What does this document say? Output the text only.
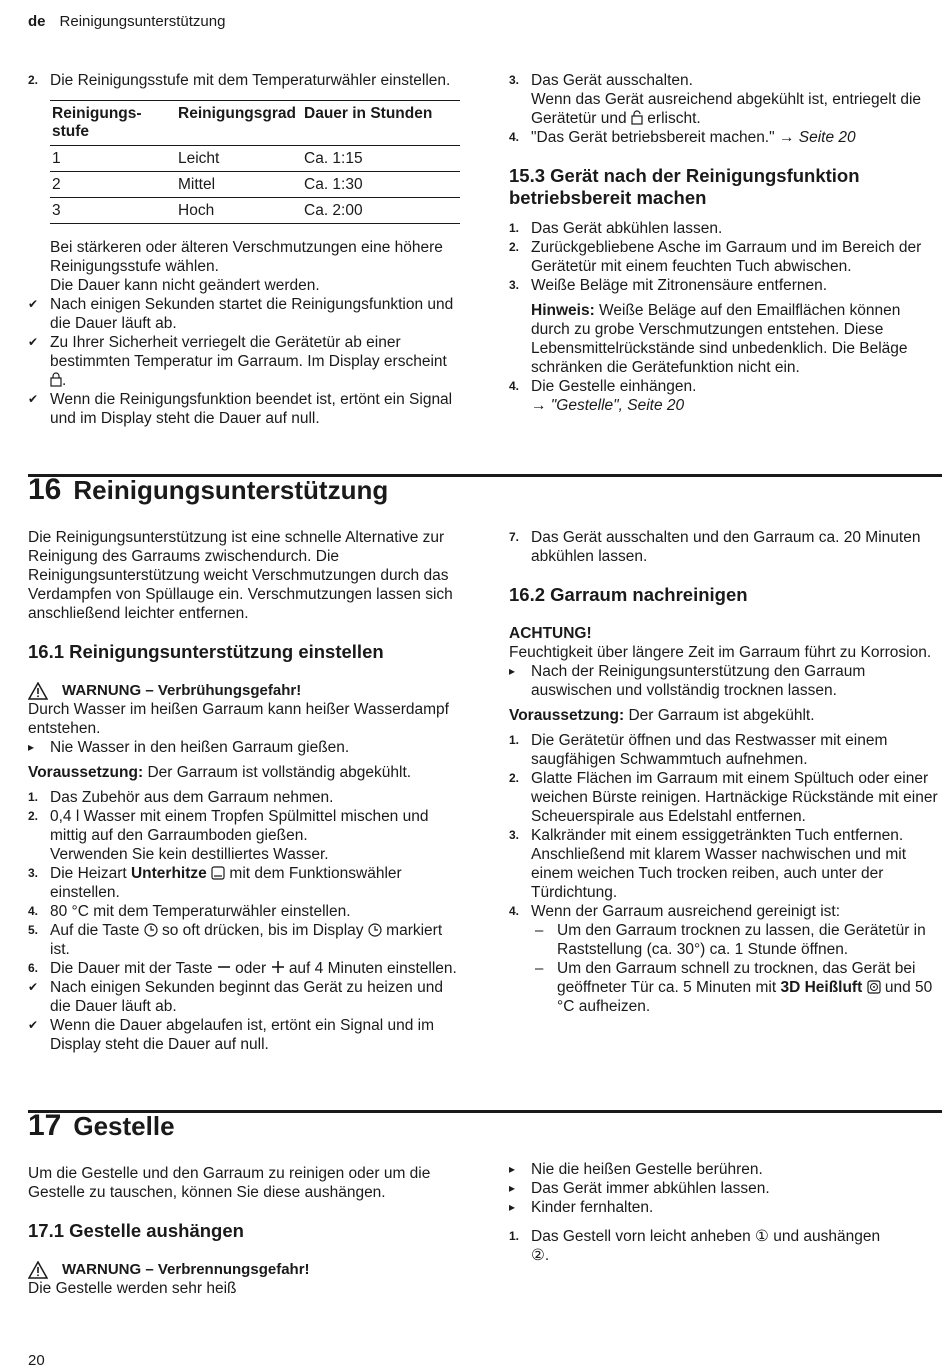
de Reinigungsunterstützung

2. Die Reinigungsstufe mit dem Temperaturwähler einstellen.

Reinigungsstufe	Reinigungsgrad	Dauer in Stunden
1	Leicht	Ca. 1:15
2	Mittel	Ca. 1:30
3	Hoch	Ca. 2:00

Bei stärkeren oder älteren Verschmutzungen eine höhere Reinigungsstufe wählen.

Die Dauer kann nicht geändert werden.

✔ Nach einigen Sekunden startet die Reinigungsfunktion und die Dauer läuft ab.

✔ Zu Ihrer Sicherheit verriegelt die Gerätetür ab einer bestimmten Temperatur im Garraum. Im Display erscheint .

✔ Wenn die Reinigungsfunktion beendet ist, ertönt ein Signal und im Display steht die Dauer auf null.

3. Das Gerät ausschalten.

Wenn das Gerät ausreichend abgekühlt ist, entriegelt die Gerätetür und erlischt.

4. "Das Gerät betriebsbereit machen." → Seite 20

15.3 Gerät nach der Reinigungsfunktion betriebsbereit machen

1. Das Gerät abkühlen lassen.

2. Zurückgebliebene Asche im Garraum und im Bereich der Gerätetür mit einem feuchten Tuch abwischen.

3. Weiße Beläge mit Zitronensäure entfernen.

Hinweis: Weiße Beläge auf den Emailflächen können durch zu grobe Verschmutzungen entstehen. Diese Lebensmittelrückstände sind unbedenklich. Die Beläge schränken die Gerätefunktion nicht ein.

4. Die Gestelle einhängen.

→ "Gestelle", Seite 20

16 Reinigungsunterstützung

Die Reinigungsunterstützung ist eine schnelle Alternative zur Reinigung des Garraums zwischendurch. Die Reinigungsunterstützung weicht Verschmutzungen durch das Verdampfen von Spüllauge ein. Verschmutzungen lassen sich anschließend leichter entfernen.

16.1 Reinigungsunterstützung einstellen

WARNUNG – Verbrühungsgefahr!

Durch Wasser im heißen Garraum kann heißer Wasserdampf entstehen.

▸ Nie Wasser in den heißen Garraum gießen.

Voraussetzung: Der Garraum ist vollständig abgekühlt.

1. Das Zubehör aus dem Garraum nehmen.

2. 0,4 l Wasser mit einem Tropfen Spülmittel mischen und mittig auf den Garraumboden gießen.

Verwenden Sie kein destilliertes Wasser.

3. Die Heizart Unterhitze mit dem Funktionswähler einstellen.

4. 80 °C mit dem Temperaturwähler einstellen.

5. Auf die Taste so oft drücken, bis im Display markiert ist.

6. Die Dauer mit der Taste oder auf 4 Minuten einstellen.

✔ Nach einigen Sekunden beginnt das Gerät zu heizen und die Dauer läuft ab.

✔ Wenn die Dauer abgelaufen ist, ertönt ein Signal und im Display steht die Dauer auf null.

7. Das Gerät ausschalten und den Garraum ca. 20 Minuten abkühlen lassen.

16.2 Garraum nachreinigen

ACHTUNG!

Feuchtigkeit über längere Zeit im Garraum führt zu Korrosion.

▸ Nach der Reinigungsunterstützung den Garraum auswischen und vollständig trocknen lassen.

Voraussetzung: Der Garraum ist abgekühlt.

1. Die Gerätetür öffnen und das Restwasser mit einem saugfähigen Schwammtuch aufnehmen.

2. Glatte Flächen im Garraum mit einem Spültuch oder einer weichen Bürste reinigen. Hartnäckige Rückstände mit einer Scheuerspirale aus Edelstahl entfernen.

3. Kalkränder mit einem essiggetränkten Tuch entfernen. Anschließend mit klarem Wasser nachwischen und mit einem weichen Tuch trocken reiben, auch unter der Türdichtung.

4. Wenn der Garraum ausreichend gereinigt ist:

– Um den Garraum trocknen zu lassen, die Gerätetür in Raststellung (ca. 30°) ca. 1 Stunde öffnen.

– Um den Garraum schnell zu trocknen, das Gerät bei geöffneter Tür ca. 5 Minuten mit 3D Heißluft und 50 °C aufheizen.

17 Gestelle

Um die Gestelle und den Garraum zu reinigen oder um die Gestelle zu tauschen, können Sie diese aushängen.

17.1 Gestelle aushängen

WARNUNG – Verbrennungsgefahr!

Die Gestelle werden sehr heiß

▸ Nie die heißen Gestelle berühren.

▸ Das Gerät immer abkühlen lassen.

▸ Kinder fernhalten.

1. Das Gestell vorn leicht anheben ① und aushängen
②.

20
